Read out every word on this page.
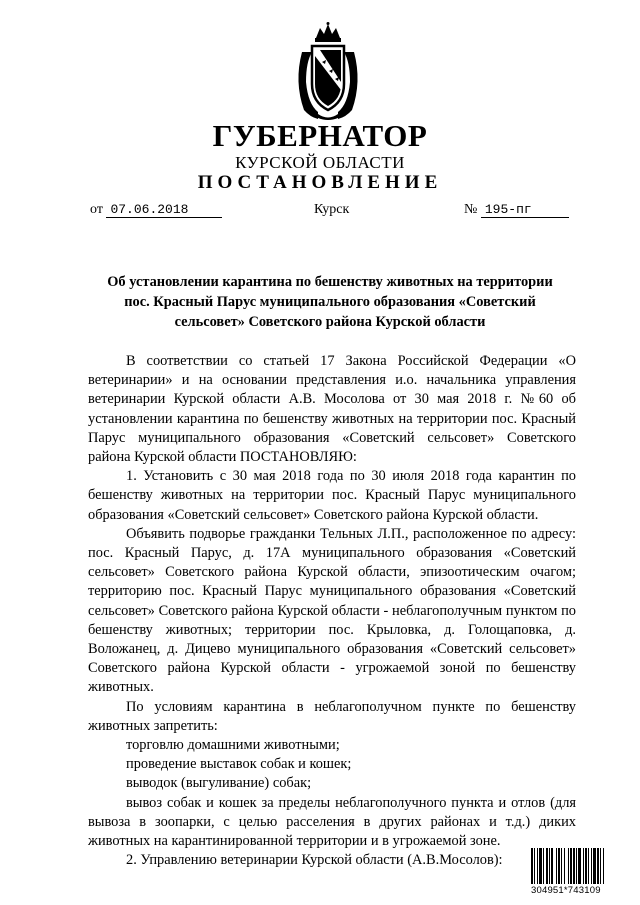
ГУБЕРНАТОР
КУРСКОЙ ОБЛАСТИ
ПОСТАНОВЛЕНИЕ
от 07.06.2018	Курск	№ 195-пг

Об установлении карантина по бешенству животных на территории пос. Красный Парус муниципального образования «Советский сельсовет» Советского района Курской области

В соответствии со статьей 17 Закона Российской Федерации «О ветеринарии» и на основании представления и.о. начальника управления ветеринарии Курской области А.В. Мосолова от 30 мая 2018 г. №60 об установлении карантина по бешенству животных на территории пос. Красный Парус муниципального образования «Советский сельсовет» Советского района Курской области ПОСТАНОВЛЯЮ:

1. Установить с 30 мая 2018 года по 30 июля 2018 года карантин по бешенству животных на территории пос. Красный Парус муниципального образования «Советский сельсовет» Советского района Курской области.

Объявить подворье гражданки Тельных Л.П., расположенное по адресу: пос. Красный Парус, д. 17А муниципального образования «Советский сельсовет» Советского района Курской области, эпизоотическим очагом; территорию пос. Красный Парус муниципального образования «Советский сельсовет» Советского района Курской области - неблагополучным пунктом по бешенству животных; территории пос. Крыловка, д. Голощаповка, д. Воложанец, д. Дицево муниципального образования «Советский сельсовет» Советского района Курской области - угрожаемой зоной по бешенству животных.

По условиям карантина в неблагополучном пункте по бешенству животных запретить:

торговлю домашними животными;

проведение выставок собак и кошек;

выводок (выгуливание) собак;

вывоз собак и кошек за пределы неблагополучного пункта и отлов (для вывоза в зоопарки, с целью расселения в других районах и т.д.) диких животных на карантинированной территории и в угрожаемой зоне.

2. Управлению ветеринарии Курской области (А.В.Мосолов):

304951*743109
